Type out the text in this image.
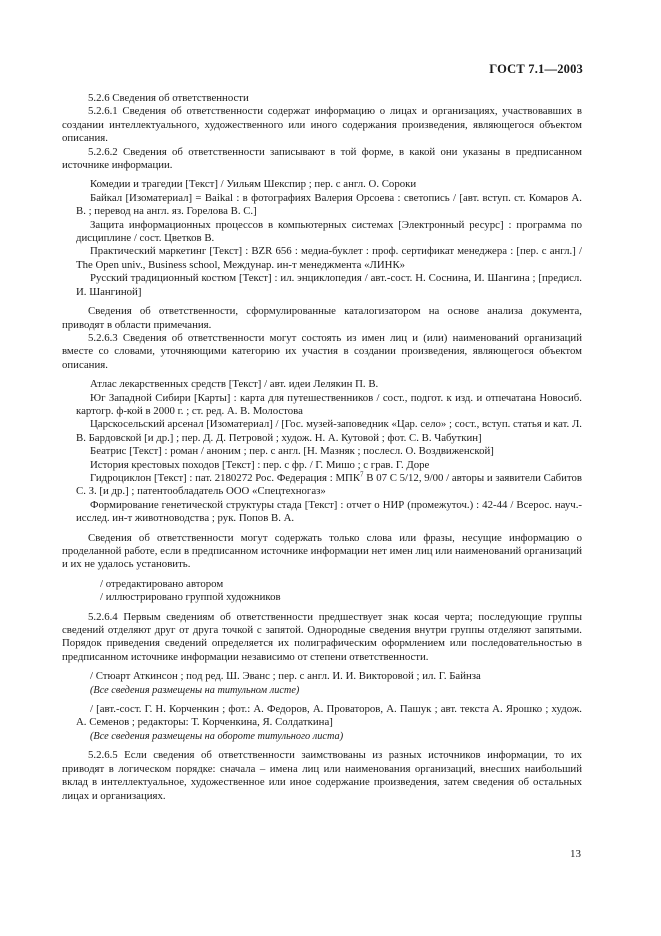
ГОСТ 7.1—2003

5.2.6 Сведения об ответственности

5.2.6.1 Сведения об ответственности содержат информацию о лицах и организациях, участвовавших в создании интеллектуального, художественного или иного содержания произведения, являющегося объектом описания.

5.2.6.2 Сведения об ответственности записывают в той форме, в какой они указаны в предписанном источнике информации.

Комедии и трагедии [Текст] / Уильям Шекспир ; пер. с англ. О. Сороки

Байкал [Изоматериал] = Baikal : в фотографиях Валерия Орсоева : светопись / [авт. вступ. ст. Комаров А. В. ; перевод на англ. яз. Горелова В. С.]

Защита информационных процессов в компьютерных системах [Электронный ресурс] : программа по дисциплине / сост. Цветков В.

Практический маркетинг [Текст] : BZR 656 : медиа-буклет : проф. сертификат менеджера : [пер. с англ.] / The Open univ., Business school, Междунар. ин-т менеджмента «ЛИНК»

Русский традиционный костюм [Текст] : ил. энциклопедия / авт.-сост. Н. Соснина, И. Шангина ; [предисл. И. Шангиной]

Сведения об ответственности, сформулированные каталогизатором на основе анализа документа, приводят в области примечания.

5.2.6.3 Сведения об ответственности могут состоять из имен лиц и (или) наименований организаций вместе со словами, уточняющими категорию их участия в создании произведения, являющегося объектом описания.

Атлас лекарственных средств [Текст] / авт. идеи Лелякин П. В.

Юг Западной Сибири [Карты] : карта для путешественников / сост., подгот. к изд. и отпечатана Новосиб. картогр. ф-кой в 2000 г. ; ст. ред. А. В. Молостова

Царскосельский арсенал [Изоматериал] / [Гос. музей-заповедник «Цар. село» ; сост., вступ. статья и кат. Л. В. Бардовской [и др.] ; пер. Д. Д. Петровой ; худож. Н. А. Кутовой ; фот. С. В. Чабуткин]

Беатрис [Текст] : роман / аноним ; пер. с англ. [Н. Мазняк ; послесл. О. Воздвиженской]

История крестовых походов [Текст] : пер. с фр. / Г. Мишо ; с грав. Г. Доре

Гидроциклон [Текст] : пат. 2180272 Рос. Федерация : МПК$^7$ B 07 C 5/12, 9/00 / авторы и заявители Сабитов С. З. [и др.] ; патентообладатель ООО «Спецтехногаз»

Формирование генетической структуры стада [Текст] : отчет о НИР (промежуточ.) : 42-44 / Всерос. науч.-исслед. ин-т животноводства ; рук. Попов В. А.

Сведения об ответственности могут содержать только слова или фразы, несущие информацию о проделанной работе, если в предписанном источнике информации нет имен лиц или наименований организаций и их не удалось установить.

/ отредактировано автором

/ иллюстрировано группой художников

5.2.6.4 Первым сведениям об ответственности предшествует знак косая черта; последующие группы сведений отделяют друг от друга точкой с запятой. Однородные сведения внутри группы отделяют запятыми. Порядок приведения сведений определяется их полиграфическим оформлением или последовательностью в предписанном источнике информации независимо от степени ответственности.

/ Стюарт Аткинсон ; под ред. Ш. Эванс ; пер. с англ. И. И. Викторовой ; ил. Г. Байнза

(Все сведения размещены на титульном листе)

/ [авт.-сост. Г. Н. Корченкин ; фот.: А. Федоров, А. Проваторов, А. Пашук ; авт. текста А. Ярошко ; худож. А. Семенов ; редакторы: Т. Корченкина, Я. Солдаткина]

(Все сведения размещены на обороте титульного листа)

5.2.6.5 Если сведения об ответственности заимствованы из разных источников информации, то их приводят в логическом порядке: сначала – имена лиц или наименования организаций, внесших наибольший вклад в интеллектуальное, художественное или иное содержание произведения, затем сведения об остальных лицах и организациях.

13
